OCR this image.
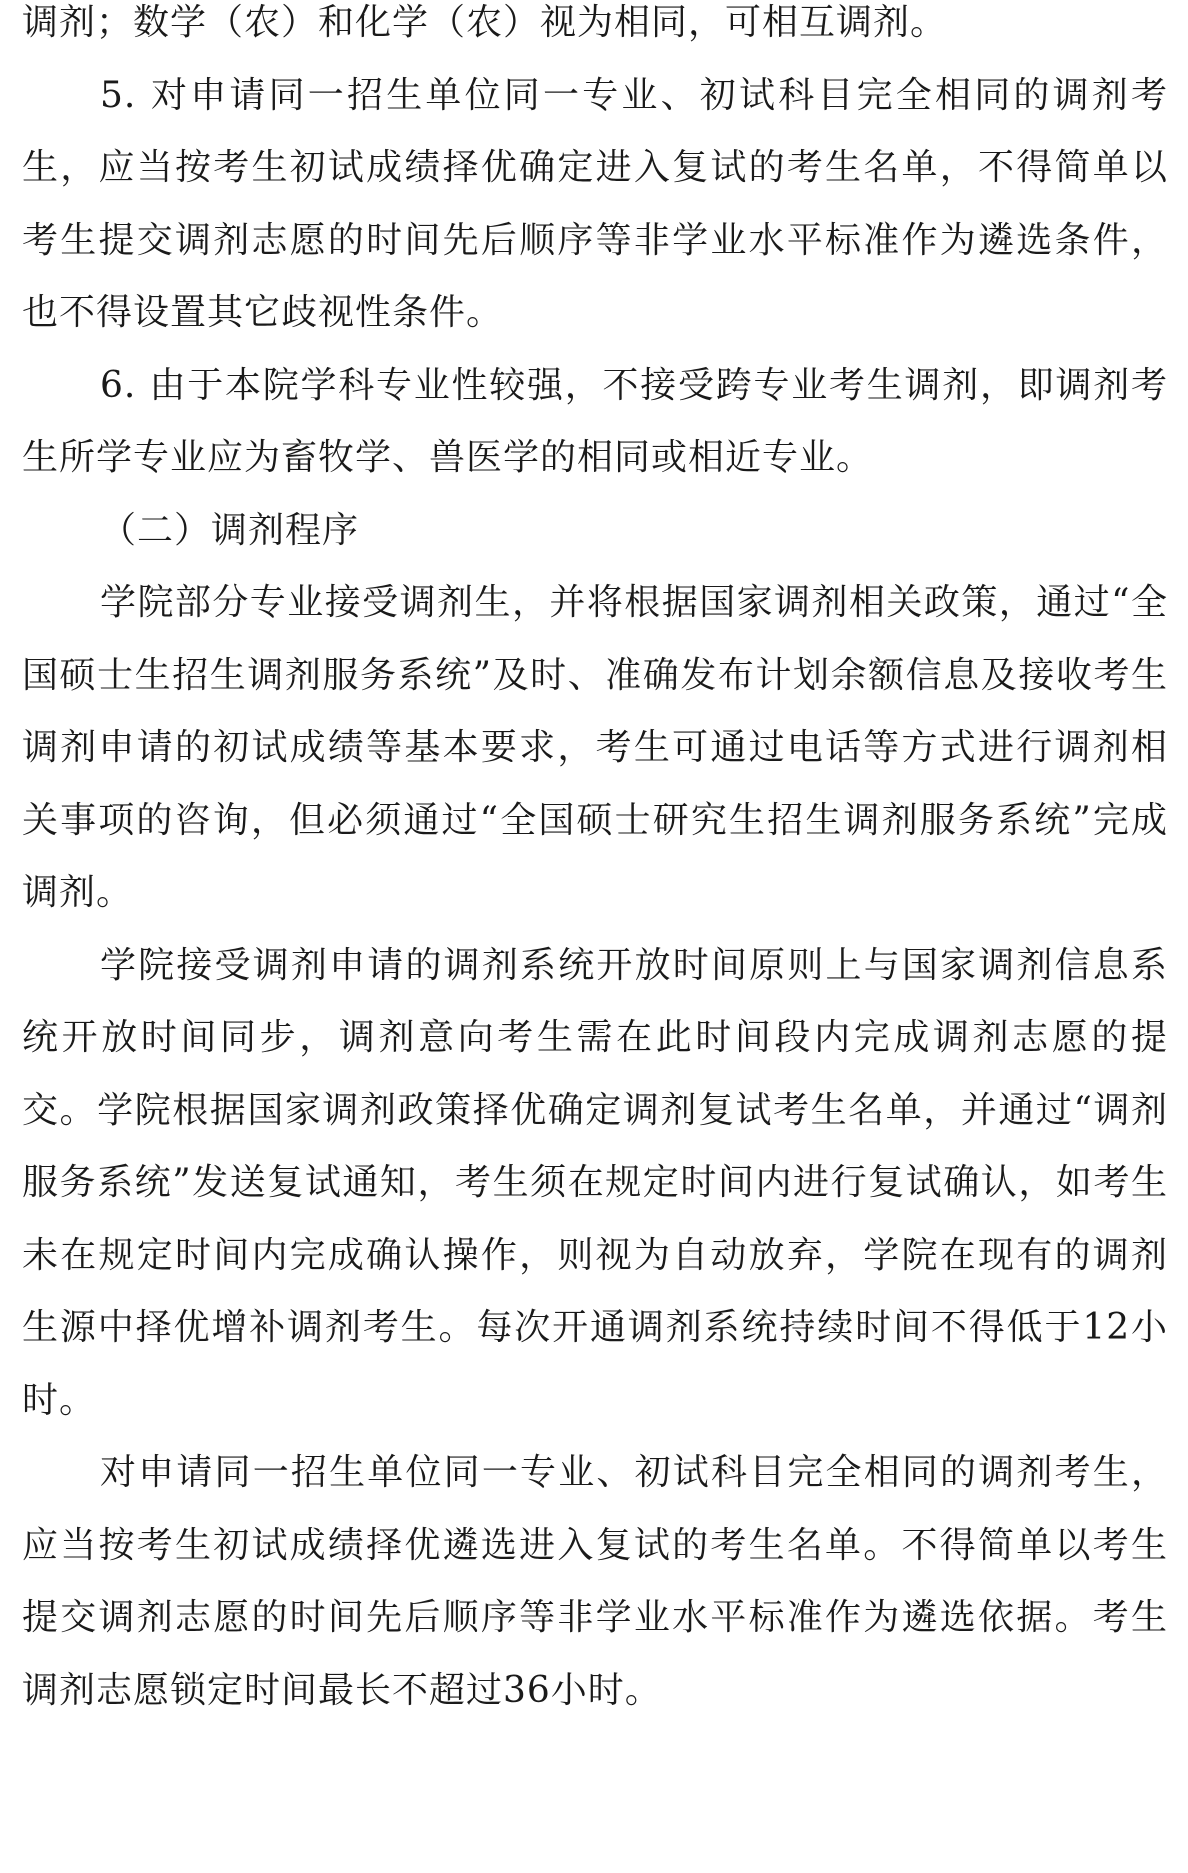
调剂；数学（农）和化学（农）视为相同，可相互调剂。

5. 对申请同一招生单位同一专业、初试科目完全相同的调剂考生，应当按考生初试成绩择优确定进入复试的考生名单，不得简单以考生提交调剂志愿的时间先后顺序等非学业水平标准作为遴选条件，也不得设置其它歧视性条件。

6. 由于本院学科专业性较强，不接受跨专业考生调剂，即调剂考生所学专业应为畜牧学、兽医学的相同或相近专业。

（二）调剂程序

学院部分专业接受调剂生，并将根据国家调剂相关政策，通过“全国硕士生招生调剂服务系统”及时、准确发布计划余额信息及接收考生调剂申请的初试成绩等基本要求，考生可通过电话等方式进行调剂相关事项的咨询，但必须通过“全国硕士研究生招生调剂服务系统”完成调剂。

学院接受调剂申请的调剂系统开放时间原则上与国家调剂信息系统开放时间同步，调剂意向考生需在此时间段内完成调剂志愿的提交。学院根据国家调剂政策择优确定调剂复试考生名单，并通过“调剂服务系统”发送复试通知，考生须在规定时间内进行复试确认，如考生未在规定时间内完成确认操作，则视为自动放弃，学院在现有的调剂生源中择优增补调剂考生。每次开通调剂系统持续时间不得低于12小时。

对申请同一招生单位同一专业、初试科目完全相同的调剂考生，应当按考生初试成绩择优遴选进入复试的考生名单。不得简单以考生提交调剂志愿的时间先后顺序等非学业水平标准作为遴选依据。考生调剂志愿锁定时间最长不超过36小时。
